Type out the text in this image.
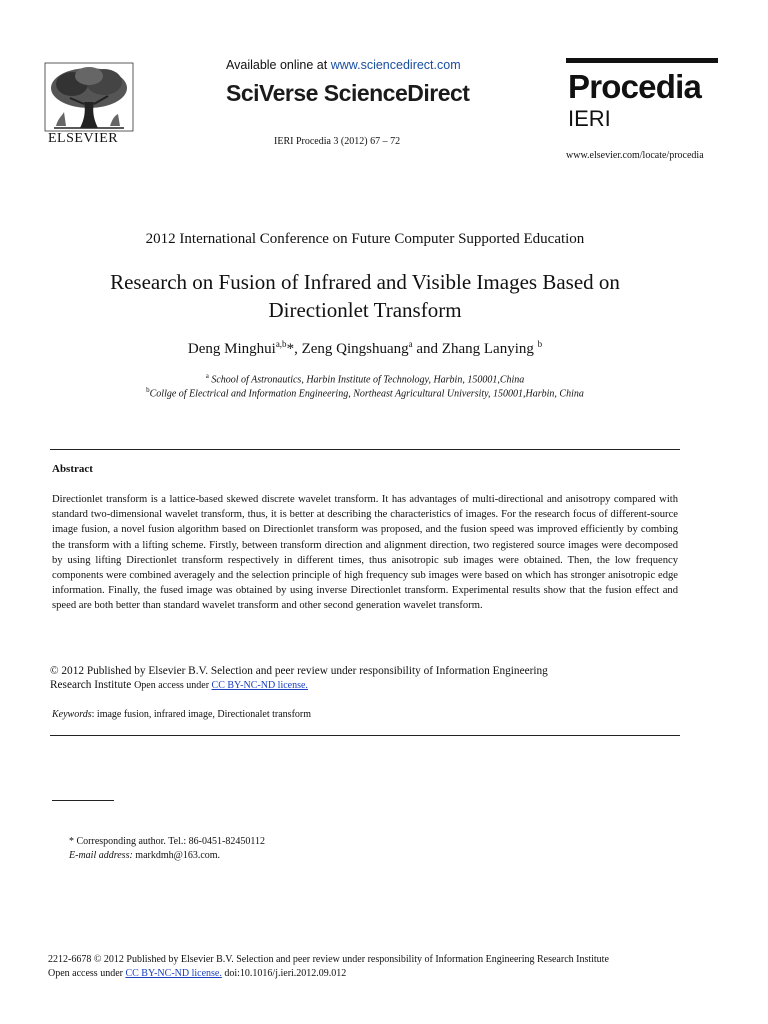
ELSEVIER
Available online at www.sciencedirect.com
SciVerse ScienceDirect
IERI Procedia 3 (2012) 67 – 72
Procedia
IERI
www.elsevier.com/locate/procedia
2012 International Conference on Future Computer Supported Education
Research on Fusion of Infrared and Visible Images Based on
Directionlet Transform
Deng Minghui$^{a,b}$*, Zeng Qingshuang$^a$ and Zhang Lanying $^b$
$^a$ School of Astronautics, Harbin Institute of Technology, Harbin, 150001,China
$^b$Collge of Electrical and Information Engineering, Northeast Agricultural University, 150001,Harbin, China
Abstract
Directionlet transform is a lattice-based skewed discrete wavelet transform. It has advantages of multi-directional and anisotropy compared with standard two-dimensional wavelet transform, thus, it is better at describing the characteristics of images. For the research focus of different-source image fusion, a novel fusion algorithm based on Directionlet transform was proposed, and the fusion speed was improved efficiently by combing the transform with a lifting scheme. Firstly, between transform direction and alignment direction, two registered source images were decomposed by using lifting Directionlet transform respectively in different times, thus anisotropic sub images were obtained. Then, the low frequency components were combined averagely and the selection principle of high frequency sub images were based on which has stronger anisotropic edge information. Finally, the fused image was obtained by using inverse Directionlet transform. Experimental results show that the fusion effect and speed are both better than standard wavelet transform and other second generation wavelet transform.
© 2012 Published by Elsevier B.V. Selection and peer review under responsibility of Information Engineering
Research Institute Open access under CC BY-NC-ND license.
Keywords: image fusion, infrared image, Directionalet transform
* Corresponding author. Tel.: 86-0451-82450112
E-mail address: markdmh@163.com.
2212-6678 © 2012 Published by Elsevier B.V. Selection and peer review under responsibility of Information Engineering Research Institute
Open access under CC BY-NC-ND license. doi:10.1016/j.ieri.2012.09.012
